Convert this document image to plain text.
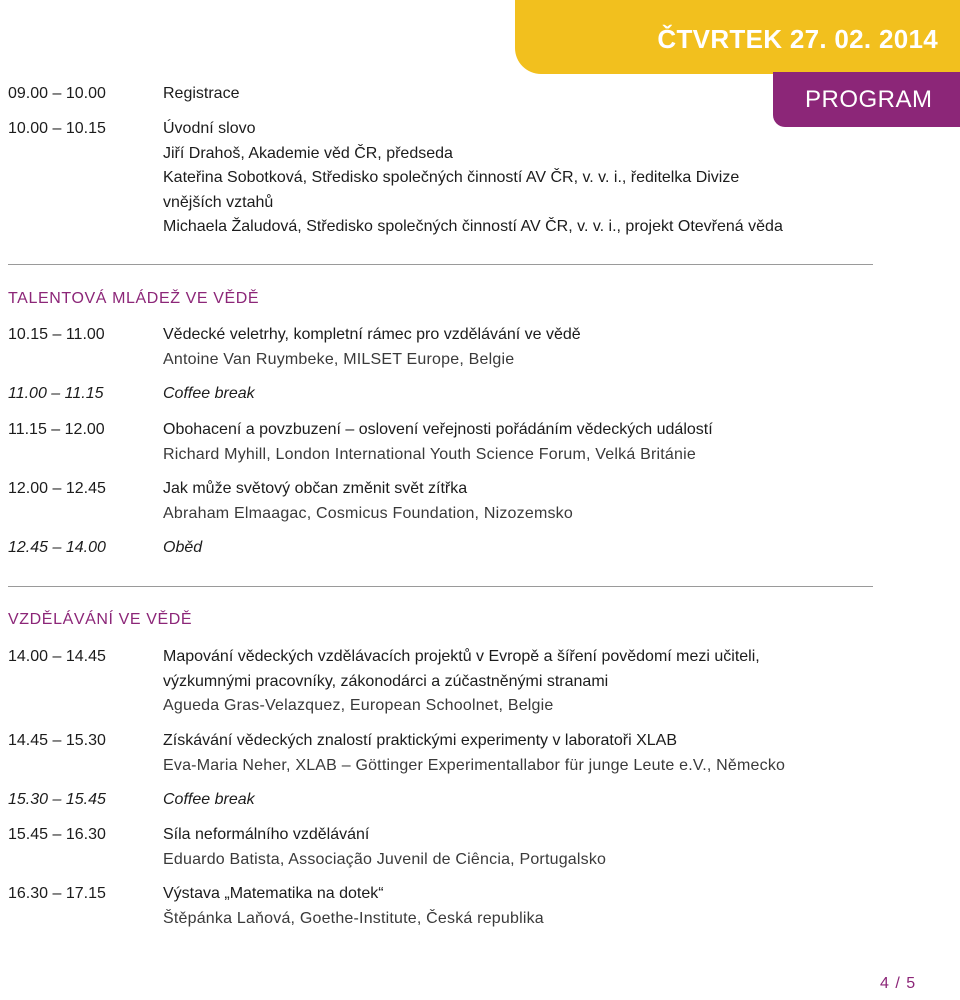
ČTVRTEK 27. 02. 2014
PROGRAM
09.00 – 10.00	Registrace
10.00 – 10.15	Úvodní slovo
Jiří Drahoš, Akademie věd ČR, předseda
Kateřina Sobotková, Středisko společných činností AV ČR, v. v. i., ředitelka Divize
vnějších vztahů
Michaela Žaludová, Středisko společných činností AV ČR, v. v. i., projekt Otevřená věda
TALENTOVÁ MLÁDEŽ VE VĚDĚ
10.15 – 11.00	Vědecké veletrhy, kompletní rámec pro vzdělávání ve vědě
Antoine Van Ruymbeke, MILSET Europe, Belgie
11.00 – 11.15	Coffee break
11.15 – 12.00	Obohacení a povzbuzení – oslovení veřejnosti pořádáním vědeckých událostí
Richard Myhill, London International Youth Science Forum, Velká Británie
12.00 – 12.45	Jak může světový občan změnit svět zítřka
Abraham Elmaagac, Cosmicus Foundation, Nizozemsko
12.45 – 14.00	Oběd
VZDĚLÁVÁNÍ VE VĚDĚ
14.00 – 14.45	Mapování vědeckých vzdělávacích projektů v Evropě a šíření povědomí mezi učiteli,
výzkumnými pracovníky, zákonodárci a zúčastněnými stranami
Agueda Gras-Velazquez, European Schoolnet, Belgie
14.45 – 15.30	Získávání vědeckých znalostí praktickými experimenty v laboratoři XLAB
Eva-Maria Neher, XLAB – Göttinger Experimentallabor für junge Leute e.V., Německo
15.30 – 15.45	Coffee break
15.45 – 16.30	Síla neformálního vzdělávání
Eduardo Batista, Associação Juvenil de Ciência, Portugalsko
16.30 – 17.15	Výstava „Matematika na dotek“
Štěpánka Laňová, Goethe-Institute, Česká republika
4 / 5
